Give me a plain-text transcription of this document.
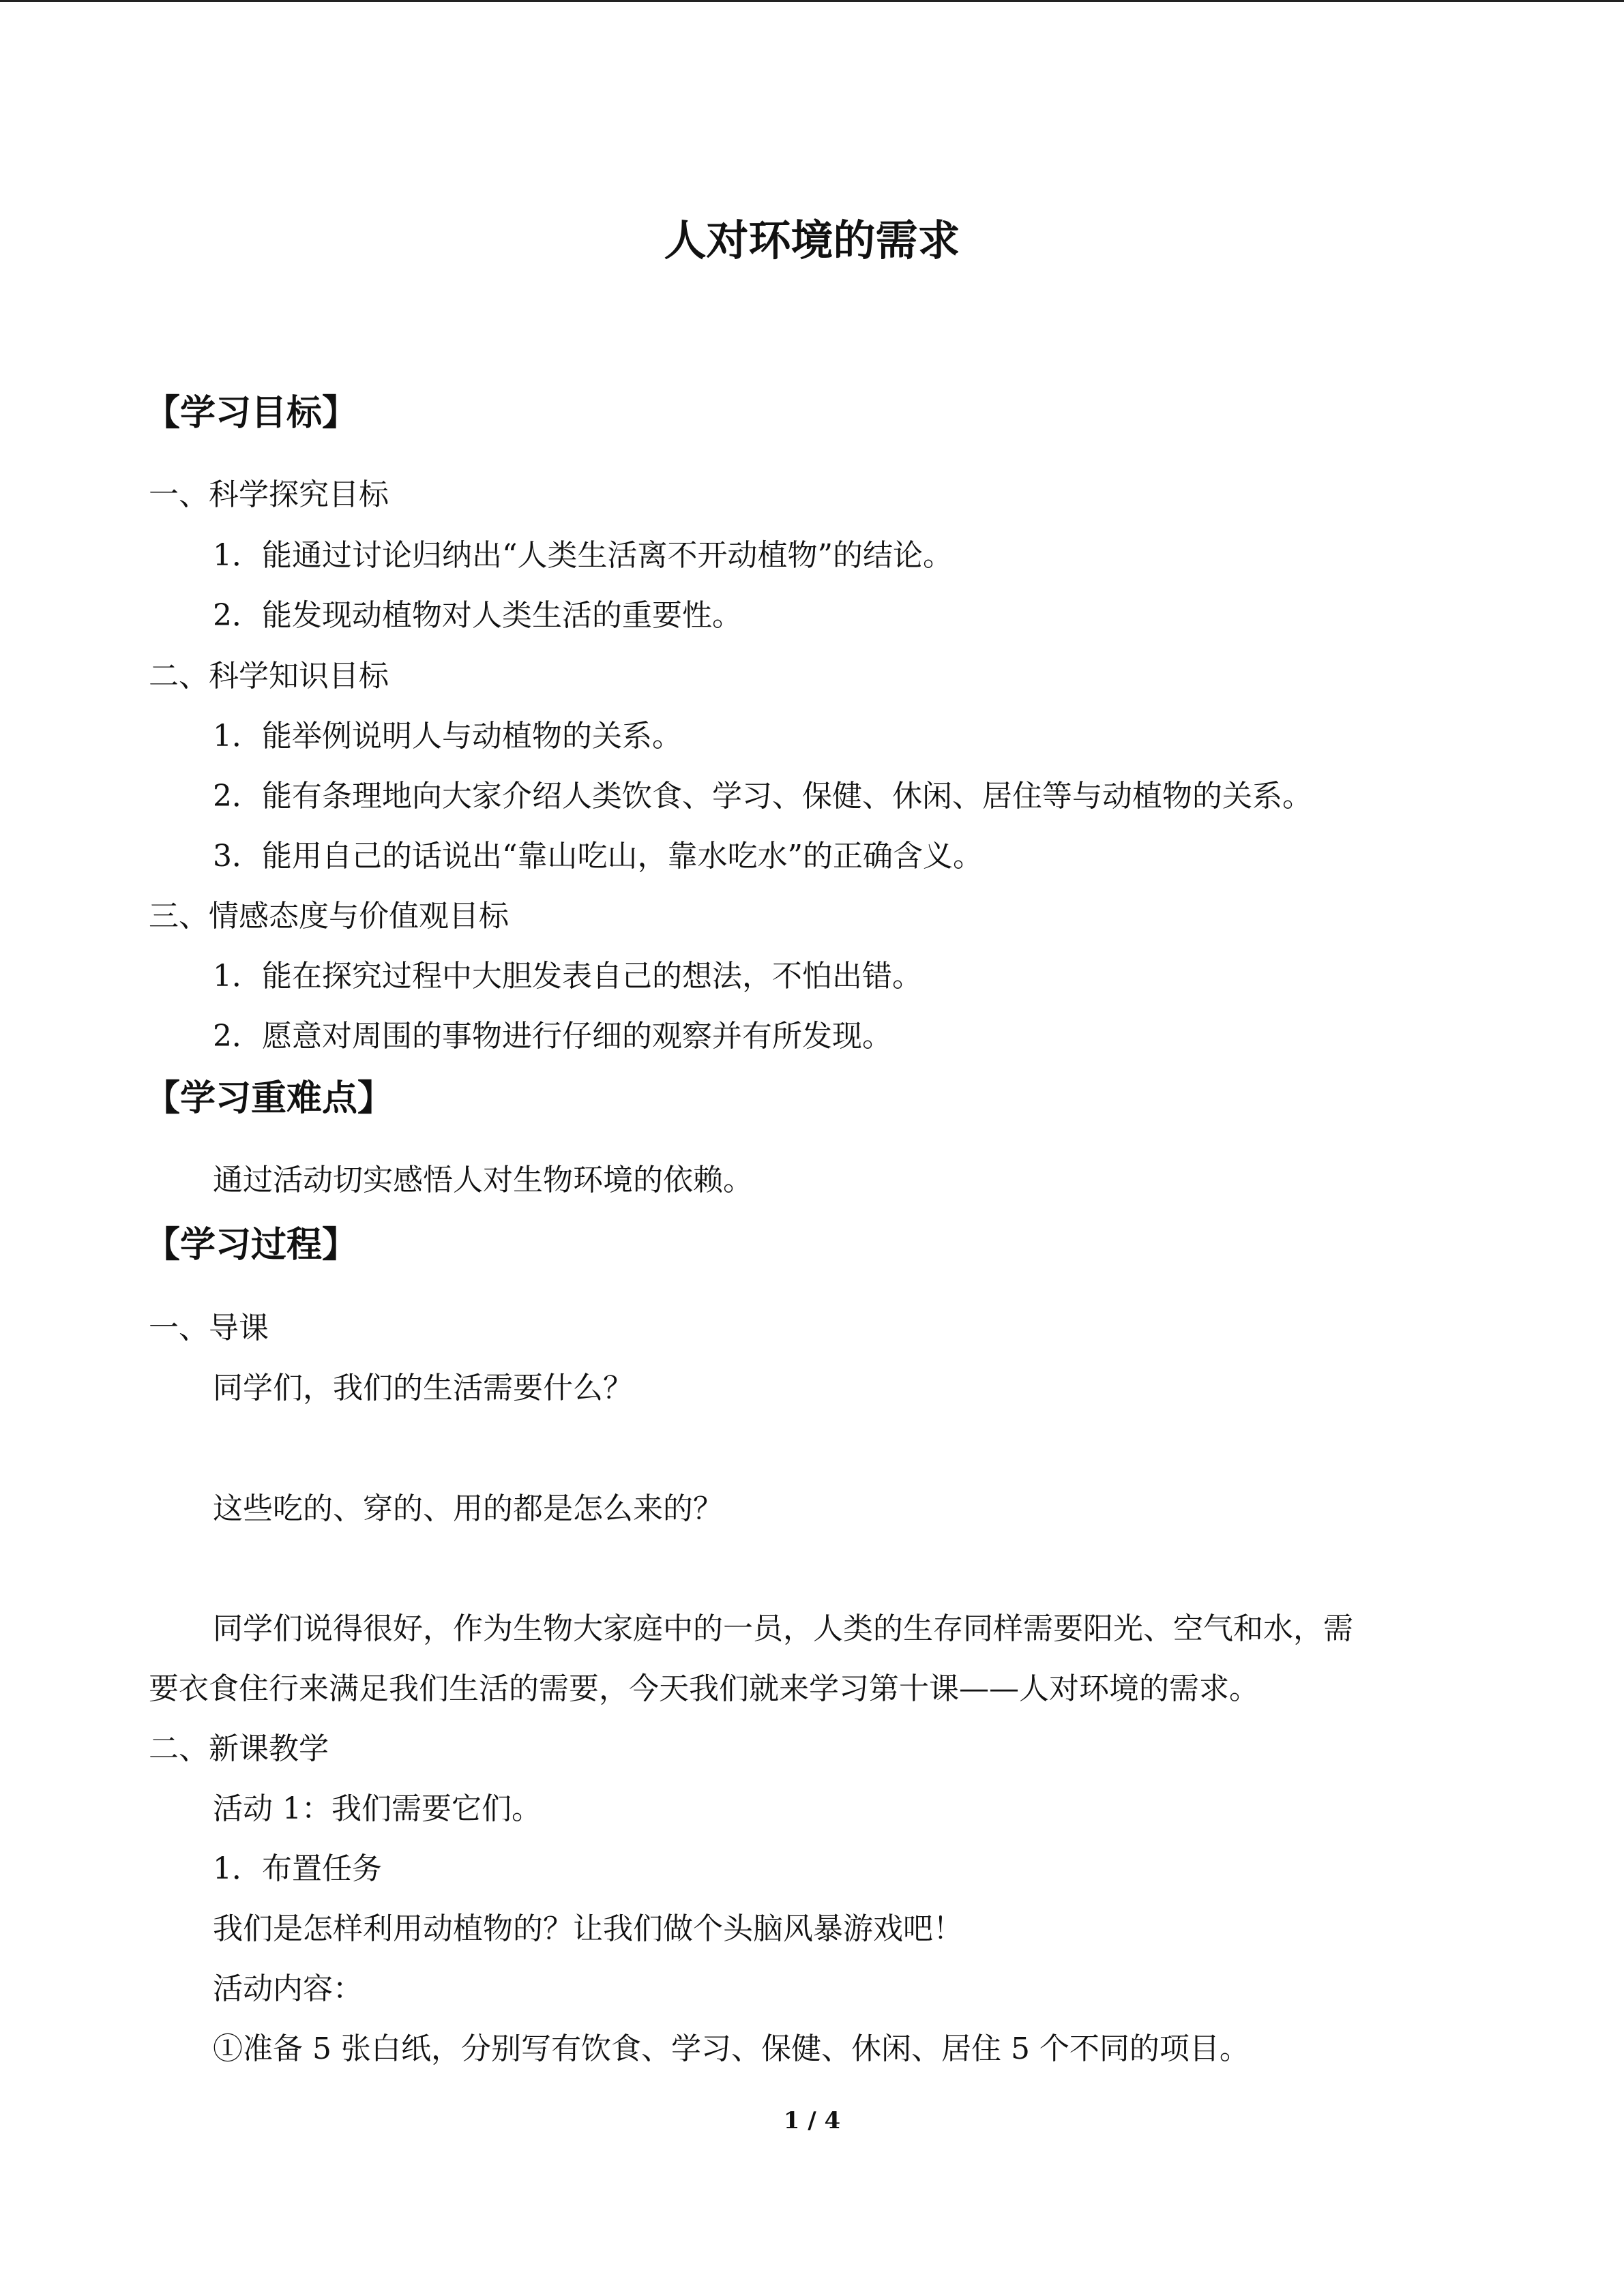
人对环境的需求
【学习目标】
一、科学探究目标
1．能通过讨论归纳出“人类生活离不开动植物”的结论。
2．能发现动植物对人类生活的重要性。
二、科学知识目标
1．能举例说明人与动植物的关系。
2．能有条理地向大家介绍人类饮食、学习、保健、休闲、居住等与动植物的关系。
3．能用自己的话说出“靠山吃山，靠水吃水”的正确含义。
三、情感态度与价值观目标
1．能在探究过程中大胆发表自己的想法，不怕出错。
2．愿意对周围的事物进行仔细的观察并有所发现。
【学习重难点】
通过活动切实感悟人对生物环境的依赖。
【学习过程】
一、导课
同学们，我们的生活需要什么？
这些吃的、穿的、用的都是怎么来的？
同学们说得很好，作为生物大家庭中的一员，人类的生存同样需要阳光、空气和水，需
要衣食住行来满足我们生活的需要，今天我们就来学习第十课——人对环境的需求。
二、新课教学
活动 1：我们需要它们。
1．布置任务
我们是怎样利用动植物的？让我们做个头脑风暴游戏吧！
活动内容：
①准备 5 张白纸，分别写有饮食、学习、保健、休闲、居住 5 个不同的项目。
1 / 4
